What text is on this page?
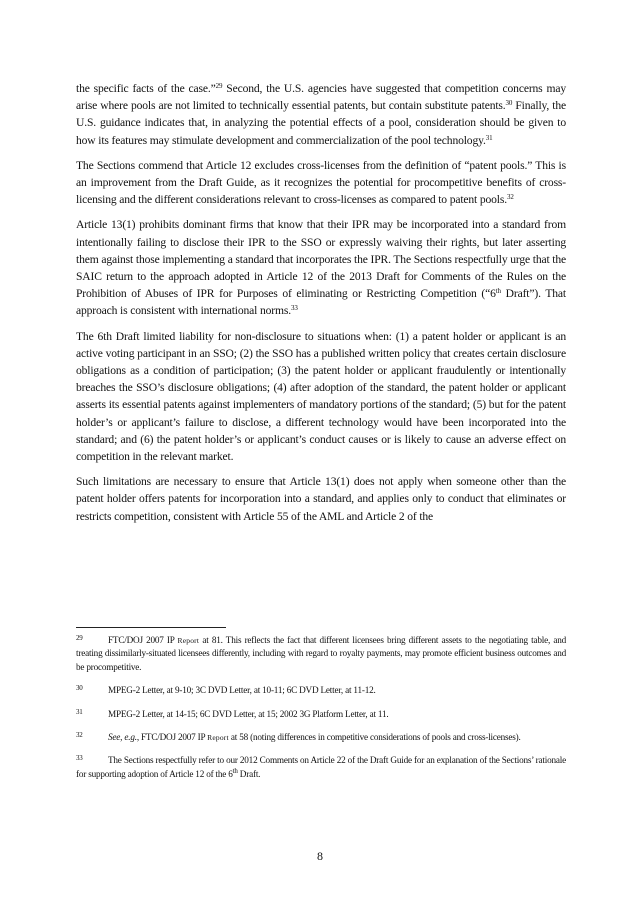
the specific facts of the case.”$^{29}$ Second, the U.S. agencies have suggested that competition concerns may arise where pools are not limited to technically essential patents, but contain substitute patents.$^{30}$ Finally, the U.S. guidance indicates that, in analyzing the potential effects of a pool, consideration should be given to how its features may stimulate development and commercialization of the pool technology.$^{31}$

The Sections commend that Article 12 excludes cross-licenses from the definition of “patent pools.” This is an improvement from the Draft Guide, as it recognizes the potential for procompetitive benefits of cross-licensing and the different considerations relevant to cross-licenses as compared to patent pools.$^{32}$

Article 13(1) prohibits dominant firms that know that their IPR may be incorporated into a standard from intentionally failing to disclose their IPR to the SSO or expressly waiving their rights, but later asserting them against those implementing a standard that incorporates the IPR. The Sections respectfully urge that the SAIC return to the approach adopted in Article 12 of the 2013 Draft for Comments of the Rules on the Prohibition of Abuses of IPR for Purposes of eliminating or Restricting Competition (“6th Draft”). That approach is consistent with international norms.$^{33}$

The 6th Draft limited liability for non-disclosure to situations when: (1) a patent holder or applicant is an active voting participant in an SSO; (2) the SSO has a published written policy that creates certain disclosure obligations as a condition of participation; (3) the patent holder or applicant fraudulently or intentionally breaches the SSO’s disclosure obligations; (4) after adoption of the standard, the patent holder or applicant asserts its essential patents against implementers of mandatory portions of the standard; (5) but for the patent holder’s or applicant’s failure to disclose, a different technology would have been incorporated into the standard; and (6) the patent holder’s or applicant’s conduct causes or is likely to cause an adverse effect on competition in the relevant market.

Such limitations are necessary to ensure that Article 13(1) does not apply when someone other than the patent holder offers patents for incorporation into a standard, and applies only to conduct that eliminates or restricts competition, consistent with Article 55 of the AML and Article 2 of the

29	FTC/DOJ 2007 IP Report at 81. This reflects the fact that different licensees bring different assets to the negotiating table, and treating dissimilarly-situated licensees differently, including with regard to royalty payments, may promote efficient business outcomes and be procompetitive.

30	MPEG-2 Letter, at 9-10; 3C DVD Letter, at 10-11; 6C DVD Letter, at 11-12.

31	MPEG-2 Letter, at 14-15; 6C DVD Letter, at 15; 2002 3G Platform Letter, at 11.

32	See, e.g., FTC/DOJ 2007 IP Report at 58 (noting differences in competitive considerations of pools and cross-licenses).

33	The Sections respectfully refer to our 2012 Comments on Article 22 of the Draft Guide for an explanation of the Sections’ rationale for supporting adoption of Article 12 of the 6th Draft.

8
